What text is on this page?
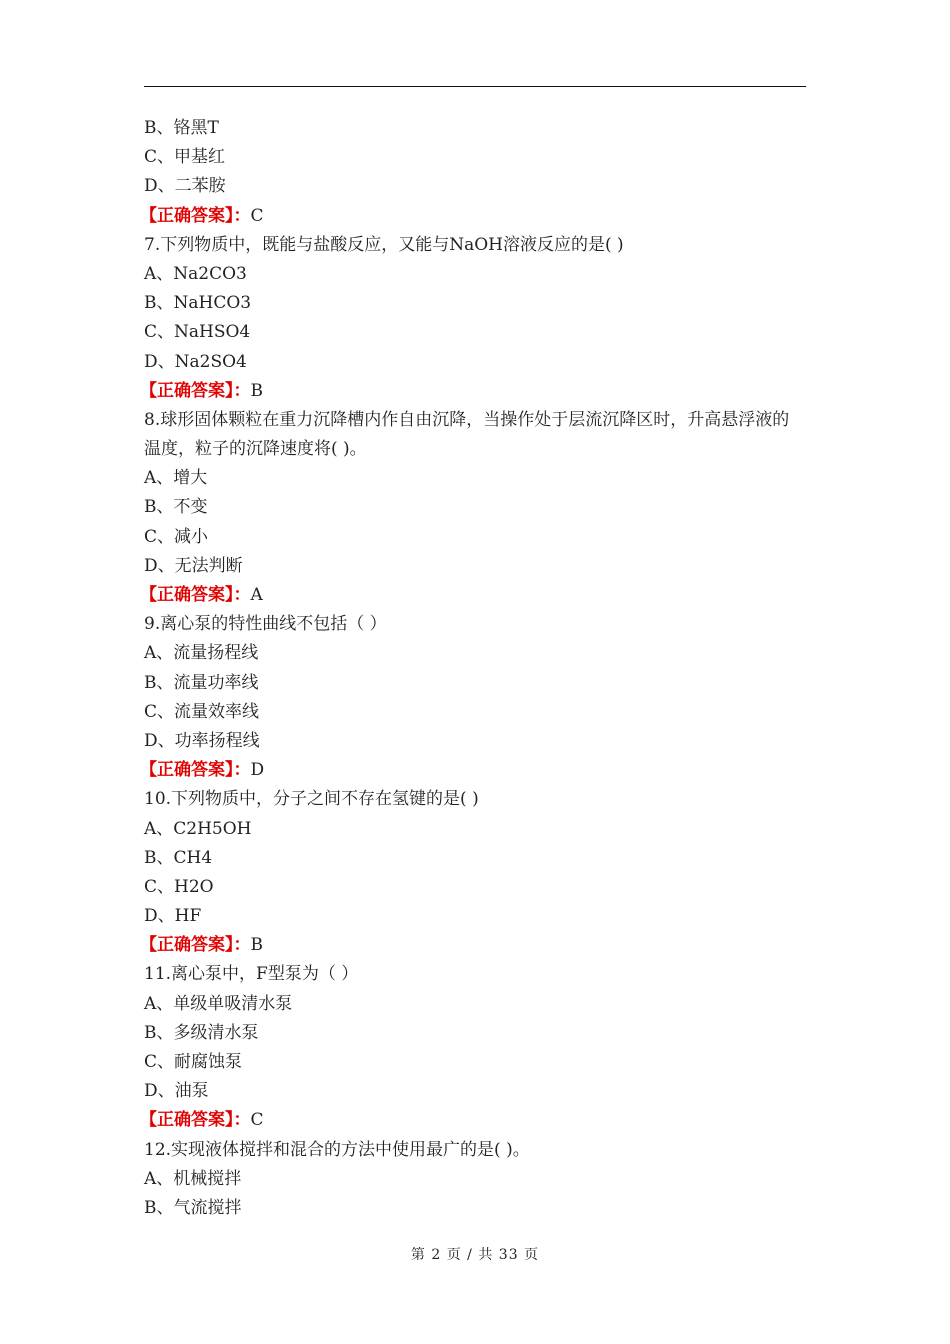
B、铬黑T
C、甲基红
D、二苯胺
【正确答案】：C
7.下列物质中，既能与盐酸反应，又能与NaOH溶液反应的是( )
A、Na2CO3
B、NaHCO3
C、NaHSO4
D、Na2SO4
【正确答案】：B
8.球形固体颗粒在重力沉降槽内作自由沉降，当操作处于层流沉降区时，升高悬浮液的温度，粒子的沉降速度将( )。
A、增大
B、不变
C、减小
D、无法判断
【正确答案】：A
9.离心泵的特性曲线不包括（ ）
A、流量扬程线
B、流量功率线
C、流量效率线
D、功率扬程线
【正确答案】：D
10.下列物质中，分子之间不存在氢键的是( )
A、C2H5OH
B、CH4
C、H2O
D、HF
【正确答案】：B
11.离心泵中，F型泵为（ ）
A、单级单吸清水泵
B、多级清水泵
C、耐腐蚀泵
D、油泵
【正确答案】：C
12.实现液体搅拌和混合的方法中使用最广的是( )。
A、机械搅拌
B、气流搅拌
第 2 页 / 共 33 页
